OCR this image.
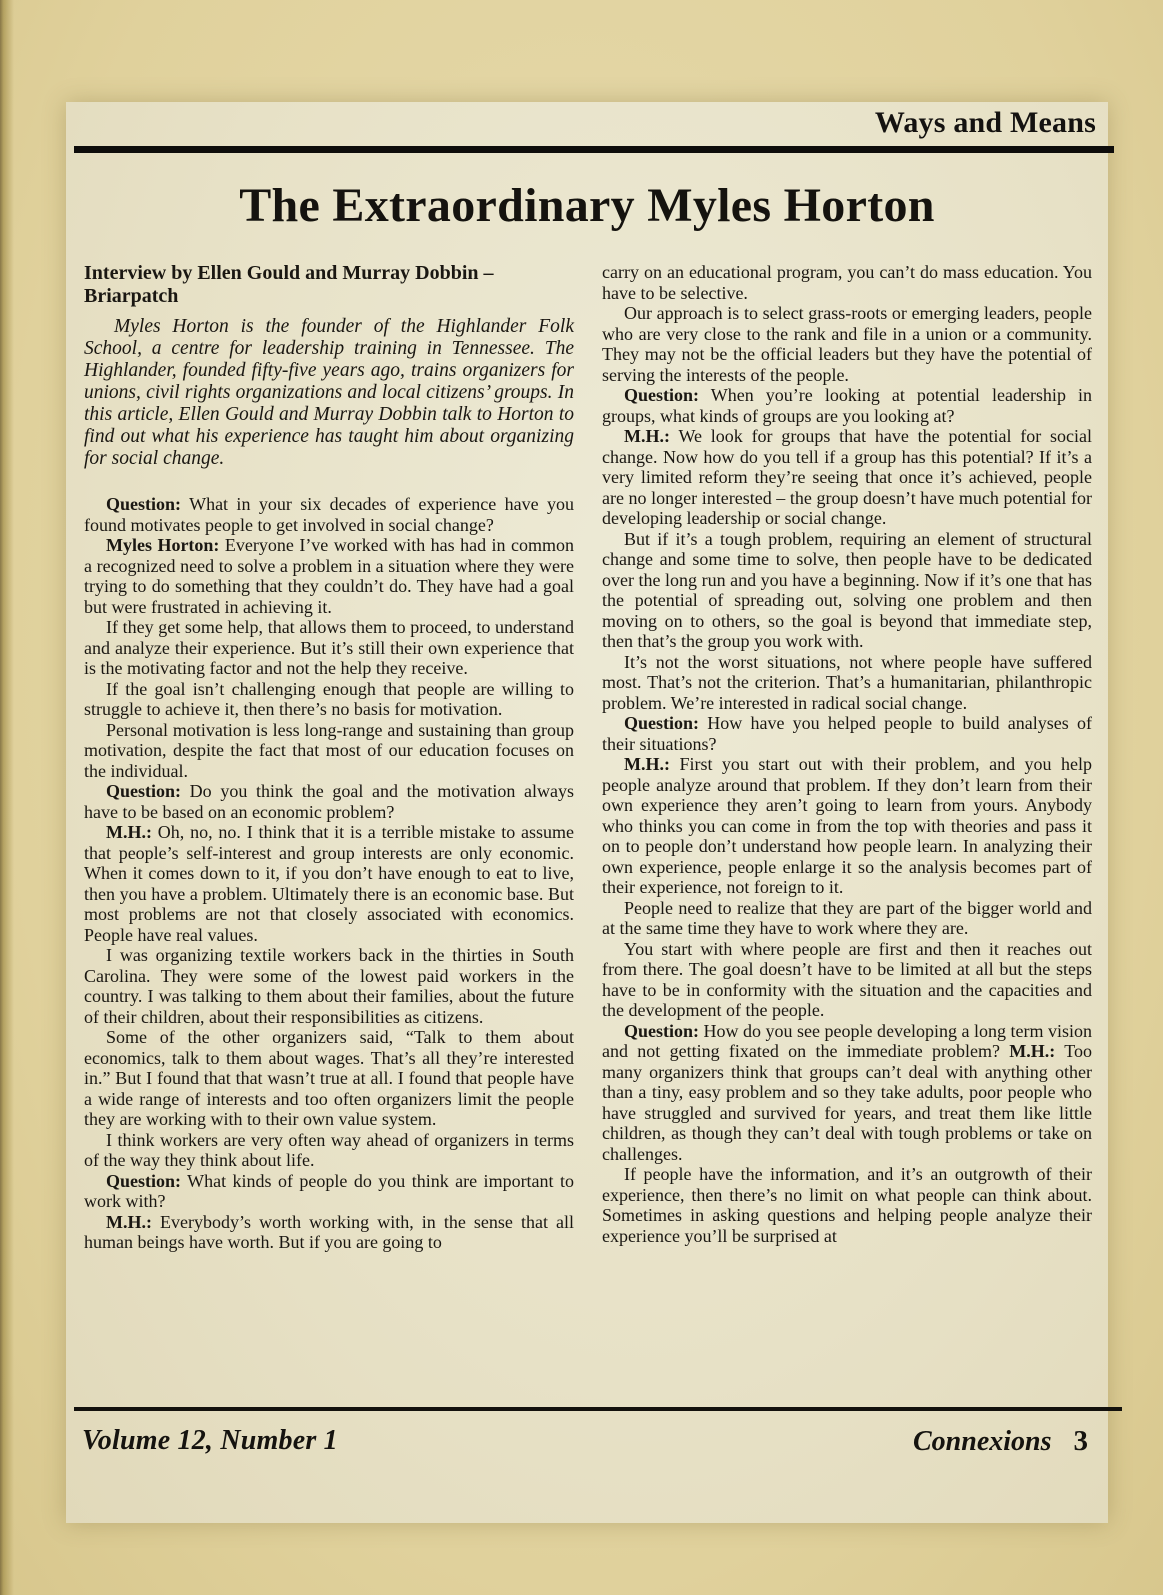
Ways and Means
The Extraordinary Myles Horton

Interview by Ellen Gould and Murray Dobbin – Briarpatch

Myles Horton is the founder of the Highlander Folk School, a centre for leadership training in Tennessee. The Highlander, founded fifty-five years ago, trains organizers for unions, civil rights organizations and local citizens’ groups. In this article, Ellen Gould and Murray Dobbin talk to Horton to find out what his experience has taught him about organizing for social change.

Question: What in your six decades of experience have you found motivates people to get involved in social change?

Myles Horton: Everyone I’ve worked with has had in common a recognized need to solve a problem in a situation where they were trying to do something that they couldn’t do. They have had a goal but were frustrated in achieving it.

If they get some help, that allows them to proceed, to understand and analyze their experience. But it’s still their own experience that is the motivating factor and not the help they receive.

If the goal isn’t challenging enough that people are willing to struggle to achieve it, then there’s no basis for motivation.

Personal motivation is less long-range and sustaining than group motivation, despite the fact that most of our education focuses on the individual.

Question: Do you think the goal and the motivation always have to be based on an economic problem?

M.H.: Oh, no, no. I think that it is a terrible mistake to assume that people’s self-interest and group interests are only economic. When it comes down to it, if you don’t have enough to eat to live, then you have a problem. Ultimately there is an economic base. But most problems are not that closely associated with economics. People have real values.

I was organizing textile workers back in the thirties in South Carolina. They were some of the lowest paid workers in the country. I was talking to them about their families, about the future of their children, about their responsibilities as citizens.

Some of the other organizers said, “Talk to them about economics, talk to them about wages. That’s all they’re interested in.” But I found that that wasn’t true at all. I found that people have a wide range of interests and too often organizers limit the people they are working with to their own value system.

I think workers are very often way ahead of organizers in terms of the way they think about life.

Question: What kinds of people do you think are important to work with?

M.H.: Everybody’s worth working with, in the sense that all human beings have worth. But if you are going to

carry on an educational program, you can’t do mass education. You have to be selective.

Our approach is to select grass-roots or emerging leaders, people who are very close to the rank and file in a union or a community. They may not be the official leaders but they have the potential of serving the interests of the people.

Question: When you’re looking at potential leadership in groups, what kinds of groups are you looking at?

M.H.: We look for groups that have the potential for social change. Now how do you tell if a group has this potential? If it’s a very limited reform they’re seeing that once it’s achieved, people are no longer interested – the group doesn’t have much potential for developing leadership or social change.

But if it’s a tough problem, requiring an element of structural change and some time to solve, then people have to be dedicated over the long run and you have a beginning. Now if it’s one that has the potential of spreading out, solving one problem and then moving on to others, so the goal is beyond that immediate step, then that’s the group you work with.

It’s not the worst situations, not where people have suffered most. That’s not the criterion. That’s a humanitarian, philanthropic problem. We’re interested in radical social change.

Question: How have you helped people to build analyses of their situations?

M.H.: First you start out with their problem, and you help people analyze around that problem. If they don’t learn from their own experience they aren’t going to learn from yours. Anybody who thinks you can come in from the top with theories and pass it on to people don’t understand how people learn. In analyzing their own experience, people enlarge it so the analysis becomes part of their experience, not foreign to it.

People need to realize that they are part of the bigger world and at the same time they have to work where they are.

You start with where people are first and then it reaches out from there. The goal doesn’t have to be limited at all but the steps have to be in conformity with the situation and the capacities and the development of the people.

Question: How do you see people developing a long term vision and not getting fixated on the immediate problem? M.H.: Too many organizers think that groups can’t deal with anything other than a tiny, easy problem and so they take adults, poor people who have struggled and survived for years, and treat them like little children, as though they can’t deal with tough problems or take on challenges.

If people have the information, and it’s an outgrowth of their experience, then there’s no limit on what people can think about. Sometimes in asking questions and helping people analyze their experience you’ll be surprised at

Volume 12, Number 1	Connexions 3
